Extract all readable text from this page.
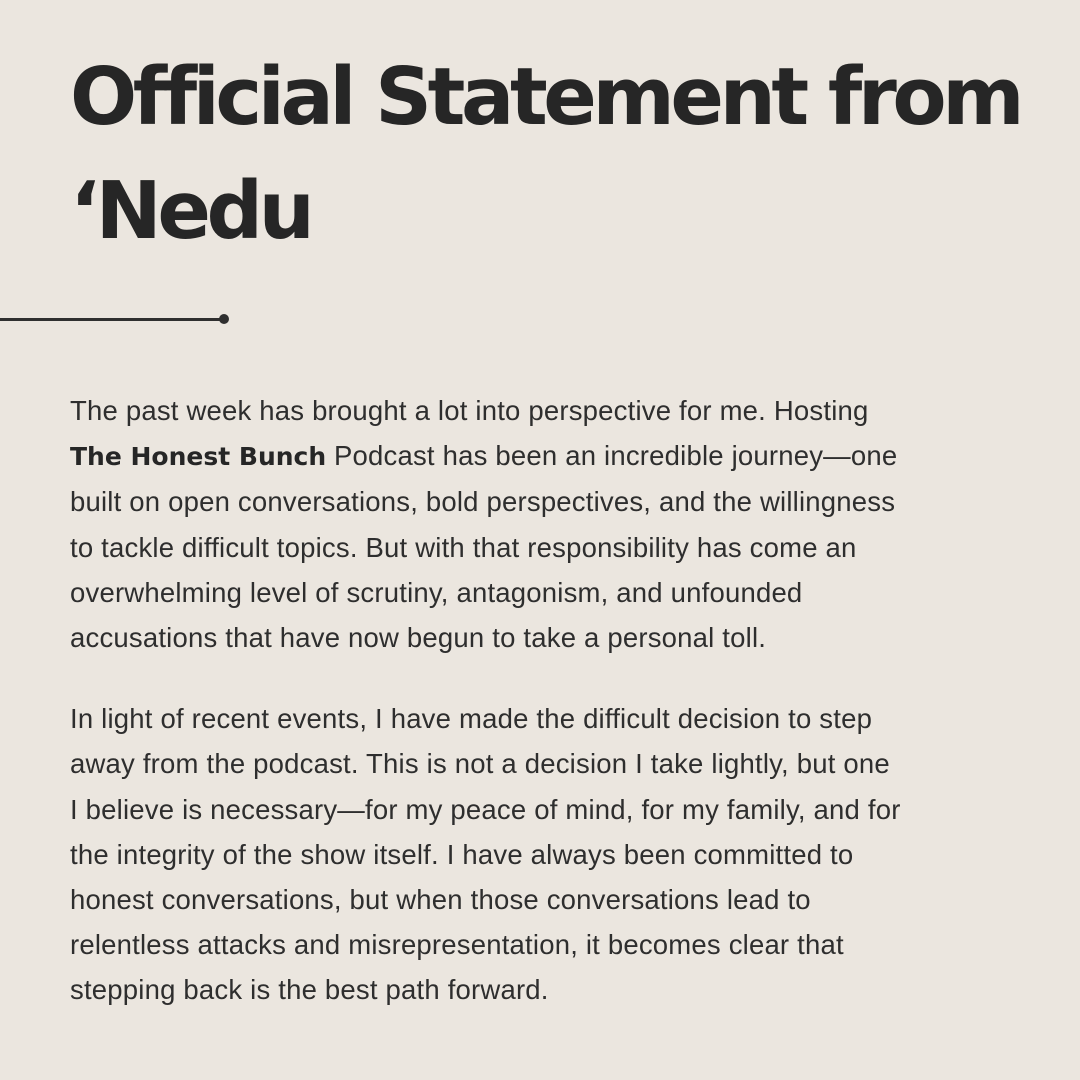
Official Statement from
‘Nedu

The past week has brought a lot into perspective for me. Hosting
The Honest Bunch Podcast has been an incredible journey—one
built on open conversations, bold perspectives, and the willingness
to tackle difficult topics. But with that responsibility has come an
overwhelming level of scrutiny, antagonism, and unfounded
accusations that have now begun to take a personal toll.

In light of recent events, I have made the difficult decision to step
away from the podcast. This is not a decision I take lightly, but one
I believe is necessary—for my peace of mind, for my family, and for
the integrity of the show itself. I have always been committed to
honest conversations, but when those conversations lead to
relentless attacks and misrepresentation, it becomes clear that
stepping back is the best path forward.
